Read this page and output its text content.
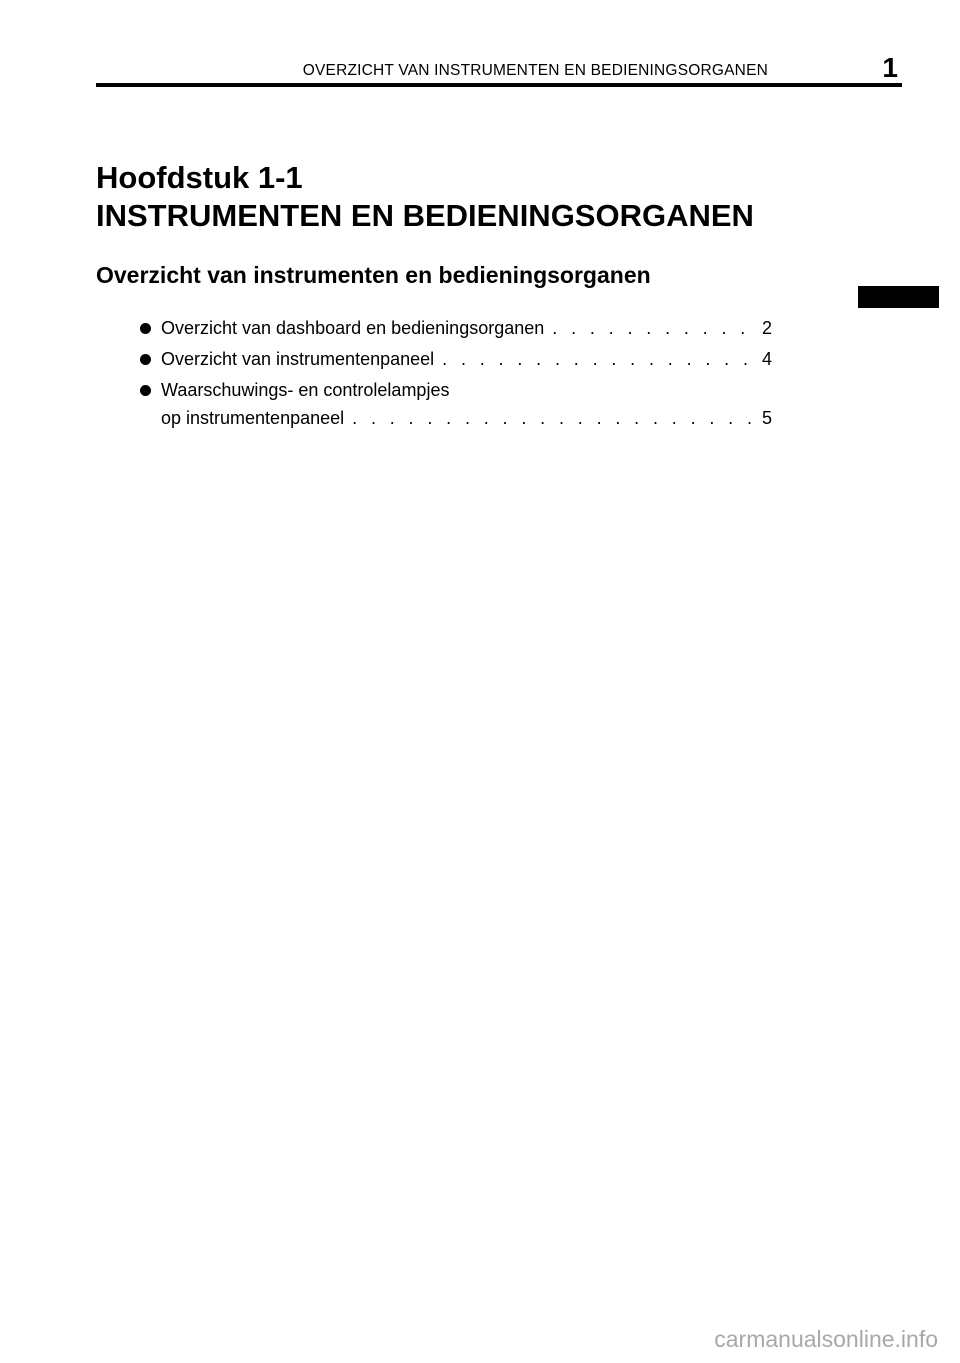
OVERZICHT VAN INSTRUMENTEN EN BEDIENINGSORGANEN	1
Hoofdstuk 1-1
INSTRUMENTEN EN BEDIENINGSORGANEN
Overzicht van instrumenten en bedieningsorganen
Overzicht van dashboard en bedieningsorganen . . .	2
Overzicht van instrumentenpaneel . . .	4
Waarschuwings- en controlelampjes
op instrumentenpaneel . . .	5
carmanualsonline.info
